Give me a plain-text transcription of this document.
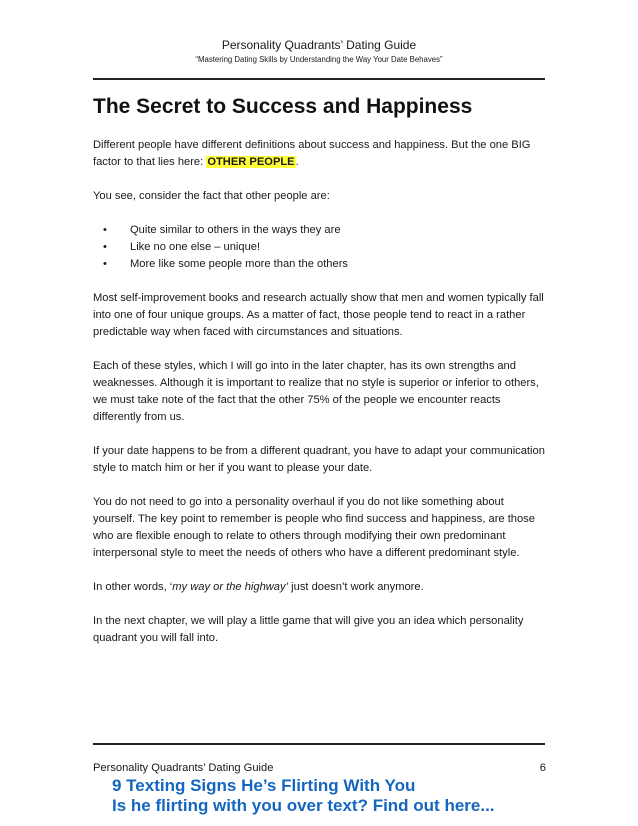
Personality Quadrants’ Dating Guide
“Mastering Dating Skills by Understanding the Way Your Date Behaves”
The Secret to Success and Happiness

Different people have different definitions about success and happiness. But the one BIG factor to that lies here: OTHER PEOPLE.

You see, consider the fact that other people are:

• Quite similar to others in the ways they are
• Like no one else – unique!
• More like some people more than the others

Most self-improvement books and research actually show that men and women typically fall into one of four unique groups. As a matter of fact, those people tend to react in a rather predictable way when faced with circumstances and situations.

Each of these styles, which I will go into in the later chapter, has its own strengths and weaknesses. Although it is important to realize that no style is superior or inferior to others, we must take note of the fact that the other 75% of the people we encounter reacts differently from us.

If your date happens to be from a different quadrant, you have to adapt your communication style to match him or her if you want to please your date.

You do not need to go into a personality overhaul if you do not like something about yourself. The key point to remember is people who find success and happiness, are those who are flexible enough to relate to others through modifying their own predominant interpersonal style to meet the needs of others who have a different predominant style.

In other words, ‘my way or the highway’ just doesn’t work anymore.

In the next chapter, we will play a little game that will give you an idea which personality quadrant you will fall into.

Personality Quadrants’ Dating Guide	6
9 Texting Signs He’s Flirting With You
Is he flirting with you over text? Find out here...
